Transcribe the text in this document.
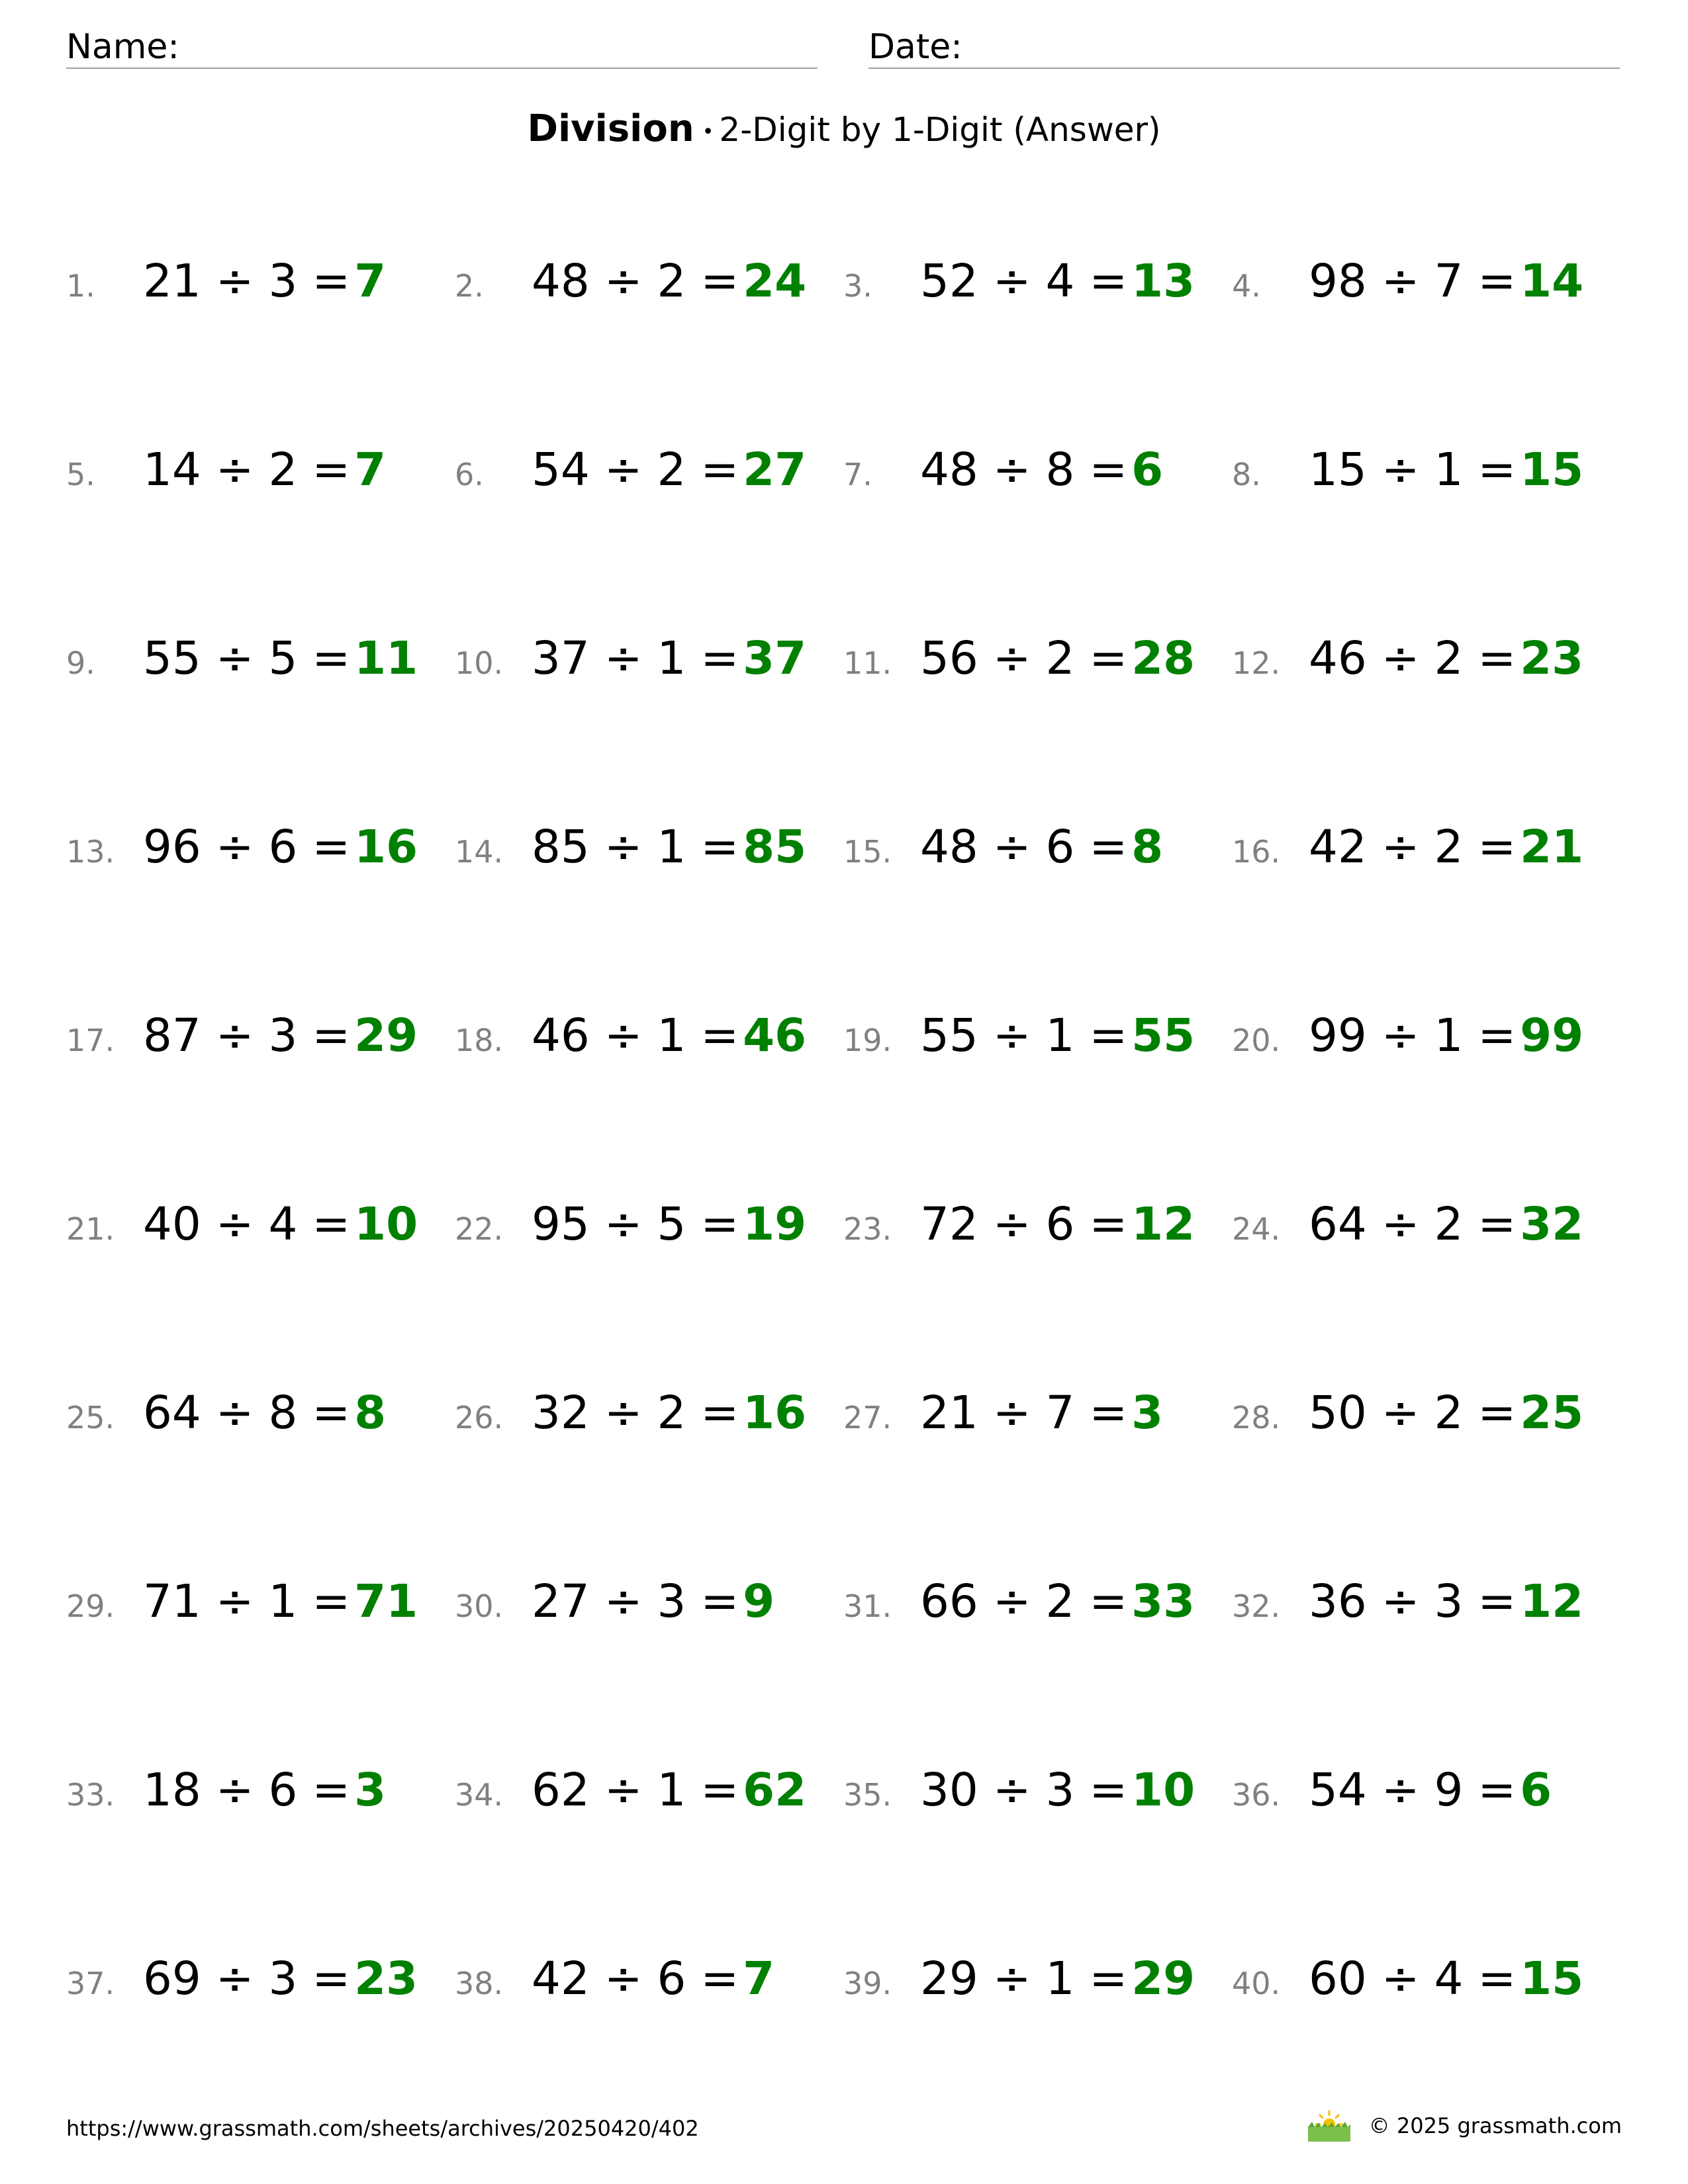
Name:	Date:
Division • 2-Digit by 1-Digit (Answer)
1.	21 ÷ 3 = 7 2.	48 ÷ 2 = 24 3.	52 ÷ 4 = 13 4.	98 ÷ 7 = 14
5.	14 ÷ 2 = 7 6.	54 ÷ 2 = 27 7.	48 ÷ 8 = 6 8.	15 ÷ 1 = 15
9.	55 ÷ 5 = 11 10. 37 ÷ 1 = 37 11. 56 ÷ 2 = 28 12. 46 ÷ 2 = 23
13. 96 ÷ 6 = 16 14. 85 ÷ 1 = 85 15. 48 ÷ 6 = 8 16. 42 ÷ 2 = 21
17. 87 ÷ 3 = 29 18. 46 ÷ 1 = 46 19. 55 ÷ 1 = 55 20. 99 ÷ 1 = 99
21. 40 ÷ 4 = 10 22. 95 ÷ 5 = 19 23. 72 ÷ 6 = 12 24. 64 ÷ 2 = 32
25. 64 ÷ 8 = 8 26. 32 ÷ 2 = 16 27. 21 ÷ 7 = 3 28. 50 ÷ 2 = 25
29. 71 ÷ 1 = 71 30. 27 ÷ 3 = 9 31. 66 ÷ 2 = 33 32. 36 ÷ 3 = 12
33. 18 ÷ 6 = 3 34. 62 ÷ 1 = 62 35. 30 ÷ 3 = 10 36. 54 ÷ 9 = 6
37. 69 ÷ 3 = 23 38. 42 ÷ 6 = 7 39. 29 ÷ 1 = 29 40. 60 ÷ 4 = 15
https://www.grassmath.com/sheets/archives/20250420/402	© 2025 grassmath.com
